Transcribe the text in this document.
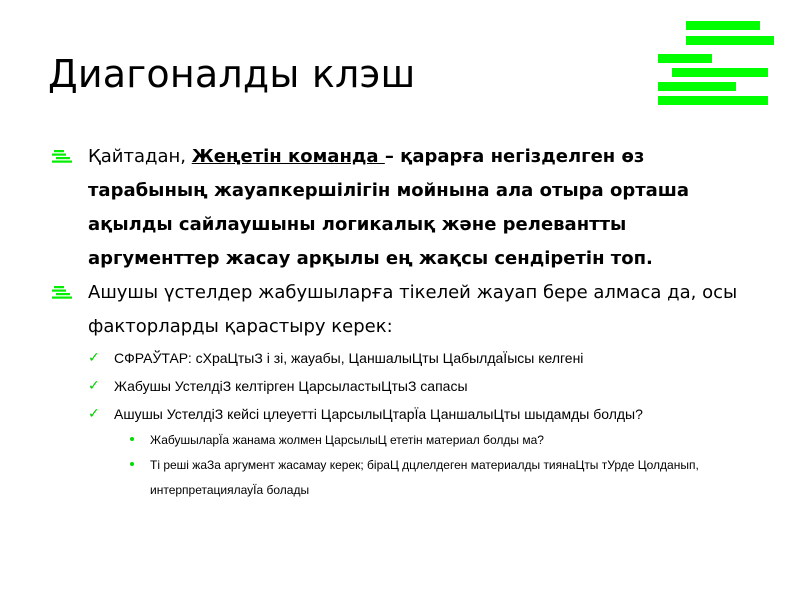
Диагоналды клэш
Қайтадан, Жеңетін команда – қарарға негізделген өз тарабының жауапкершілігін мойнына ала отыра орташа ақылды сайлаушыны логикалық және релевантты аргументтер жасау арқылы ең жақсы сендіретін топ.
Ашушы үстелдер жабушыларға тікелей жауап бере алмаса да, осы факторларды қарастыру керек:
✓ СФРАЎТАР: сХраЦтыЗ і зі, жауабы, ЦаншалыЦты ЦабылдаЇысы келгені
✓ Жабушы УстелдіЗ келтірген ЦарсыластыЦтыЗ сапасы
✓ Ашушы УстелдіЗ кейсі цлеуетті ЦарсылыЦтарЇа ЦаншалыЦты шыдамды болды?
ЖабушыларЇа жанама жолмен ЦарсылыЦ ететін материал болды ма?
Ті реші жаЗа аргумент жасамау керек; біраЦ дцлелдеген материалды тиянаЦты тУрде Цолданып, интерпретациялауЇа болады
